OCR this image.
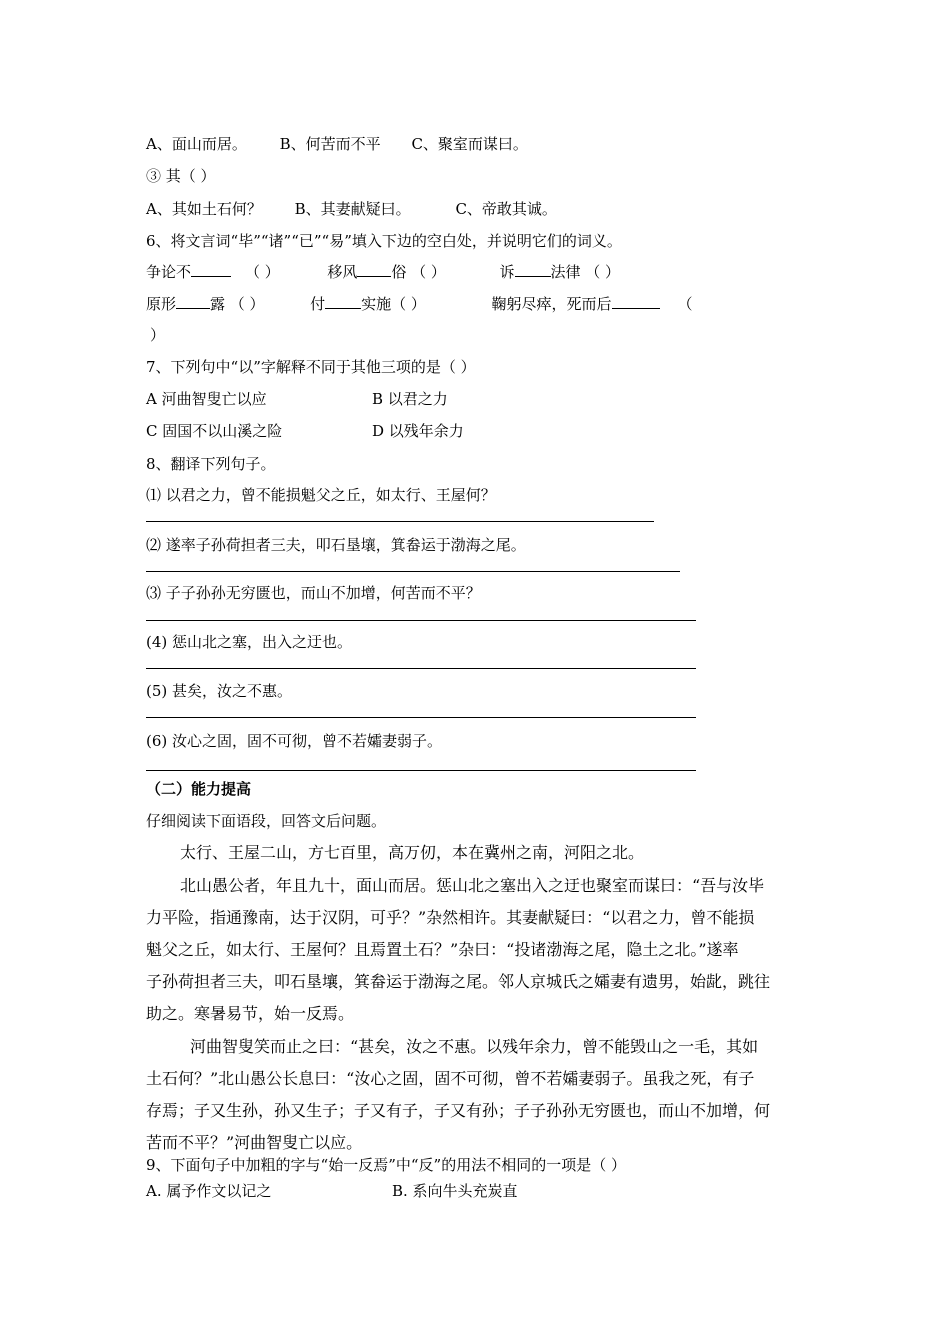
A、面山而居。 B、何苦而不平 C、聚室而谋曰。
③ 其（ ）
A、其如土石何？ B、其妻献疑曰。	C、帝敢其诚。
6、将文言词“毕”“诸”“已”“易”填入下边的空白处，并说明它们的词义。
争论不	（ ）	移风 俗 （ ）	诉 法律 （ ）
原形 露 （ ）	付 实施（ ）	鞠躬尽瘁，死而后	（
）
7、下列句中“以”字解释不同于其他三项的是（ ）
A 河曲智叟亡以应	B 以君之力
C 固国不以山溪之险	D 以残年余力
8、翻译下列句子。
⑴ 以君之力，曾不能损魁父之丘，如太行、王屋何？
⑵ 遂率子孙荷担者三夫，叩石垦壤，箕畚运于渤海之尾。
⑶ 子子孙孙无穷匮也，而山不加增，何苦而不平？
(4) 惩山北之塞，出入之迂也。
(5) 甚矣，汝之不惠。
(6) 汝心之固，固不可彻，曾不若孀妻弱子。
（二）能力提高
仔细阅读下面语段，回答文后问题。
太行、王屋二山，方七百里，高万仞，本在冀州之南，河阳之北。
北山愚公者，年且九十，面山而居。惩山北之塞出入之迂也聚室而谋曰：“吾与汝毕
力平险，指通豫南，达于汉阴，可乎？”杂然相许。其妻献疑曰：“以君之力，曾不能损
魁父之丘，如太行、王屋何？且焉置土石？”杂曰：“投诸渤海之尾，隐土之北。”遂率
子孙荷担者三夫，叩石垦壤，箕畚运于渤海之尾。邻人京城氏之孀妻有遗男，始龀，跳往
助之。寒暑易节，始一反焉。
河曲智叟笑而止之曰：“甚矣，汝之不惠。以残年余力，曾不能毁山之一毛，其如
土石何？”北山愚公长息曰：“汝心之固，固不可彻，曾不若孀妻弱子。虽我之死，有子
存焉；子又生孙，孙又生子；子又有子，子又有孙；子子孙孙无穷匮也，而山不加增，何
苦而不平？”河曲智叟亡以应。
9、下面句子中加粗的字与“始一反焉”中“反”的用法不相同的一项是（ ）
A. 属予作文以记之	B. 系向牛头充炭直
